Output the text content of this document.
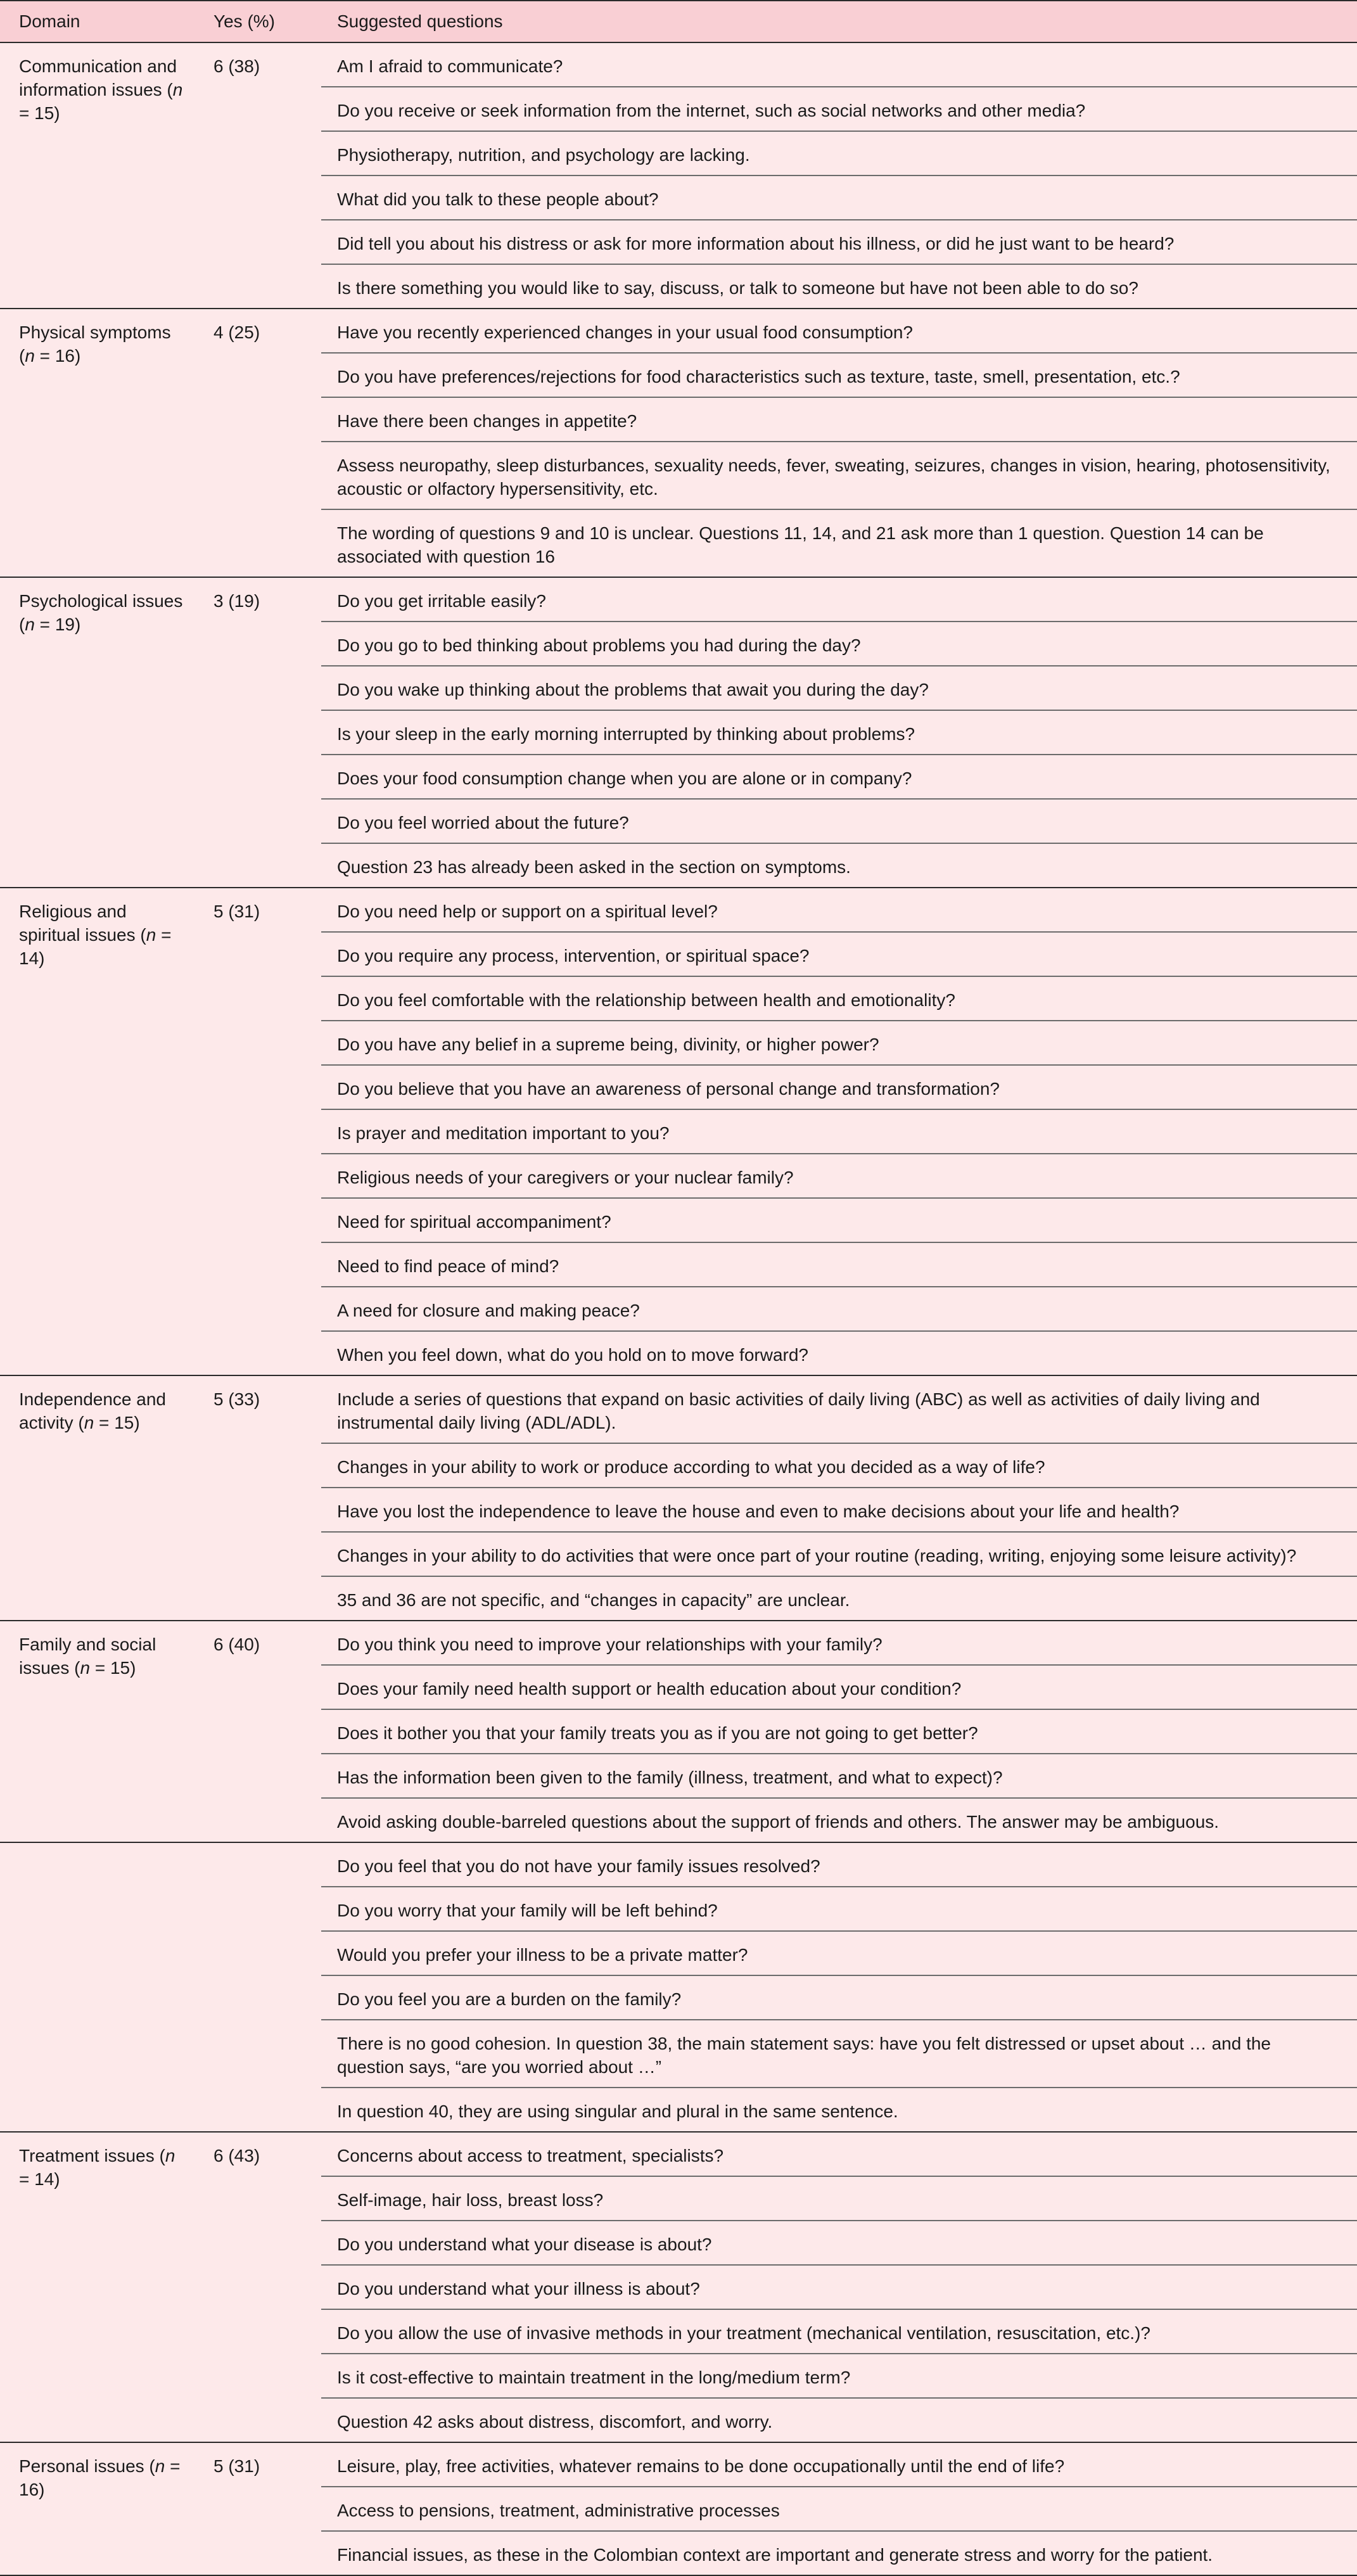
Domain	Yes (%)	Suggested questions
Communication and information issues (n = 15)	6 (38)	Am I afraid to communicate?
		Do you receive or seek information from the internet, such as social networks and other media?
		Physiotherapy, nutrition, and psychology are lacking.
		What did you talk to these people about?
		Did tell you about his distress or ask for more information about his illness, or did he just want to be heard?
		Is there something you would like to say, discuss, or talk to someone but have not been able to do so?
Physical symptoms (n = 16)	4 (25)	Have you recently experienced changes in your usual food consumption?
		Do you have preferences/rejections for food characteristics such as texture, taste, smell, presentation, etc.?
		Have there been changes in appetite?
		Assess neuropathy, sleep disturbances, sexuality needs, fever, sweating, seizures, changes in vision, hearing, photosensitivity, acoustic or olfactory hypersensitivity, etc.
		The wording of questions 9 and 10 is unclear. Questions 11, 14, and 21 ask more than 1 question. Question 14 can be associated with question 16
Psychological issues (n = 19)	3 (19)	Do you get irritable easily?
		Do you go to bed thinking about problems you had during the day?
		Do you wake up thinking about the problems that await you during the day?
		Is your sleep in the early morning interrupted by thinking about problems?
		Does your food consumption change when you are alone or in company?
		Do you feel worried about the future?
		Question 23 has already been asked in the section on symptoms.
Religious and spiritual issues (n = 14)	5 (31)	Do you need help or support on a spiritual level?
		Do you require any process, intervention, or spiritual space?
		Do you feel comfortable with the relationship between health and emotionality?
		Do you have any belief in a supreme being, divinity, or higher power?
		Do you believe that you have an awareness of personal change and transformation?
		Is prayer and meditation important to you?
		Religious needs of your caregivers or your nuclear family?
		Need for spiritual accompaniment?
		Need to find peace of mind?
		A need for closure and making peace?
		When you feel down, what do you hold on to move forward?
Independence and activity (n = 15)	5 (33)	Include a series of questions that expand on basic activities of daily living (ABC) as well as activities of daily living and instrumental daily living (ADL/ADL).
		Changes in your ability to work or produce according to what you decided as a way of life?
		Have you lost the independence to leave the house and even to make decisions about your life and health?
		Changes in your ability to do activities that were once part of your routine (reading, writing, enjoying some leisure activity)?
		35 and 36 are not specific, and “changes in capacity” are unclear.
Family and social issues (n = 15)	6 (40)	Do you think you need to improve your relationships with your family?
		Does your family need health support or health education about your condition?
		Does it bother you that your family treats you as if you are not going to get better?
		Has the information been given to the family (illness, treatment, and what to expect)?
		Avoid asking double-barreled questions about the support of friends and others. The answer may be ambiguous.
		Do you feel that you do not have your family issues resolved?
		Do you worry that your family will be left behind?
		Would you prefer your illness to be a private matter?
		Do you feel you are a burden on the family?
		There is no good cohesion. In question 38, the main statement says: have you felt distressed or upset about … and the question says, “are you worried about …”
		In question 40, they are using singular and plural in the same sentence.
Treatment issues (n = 14)	6 (43)	Concerns about access to treatment, specialists?
		Self-image, hair loss, breast loss?
		Do you understand what your disease is about?
		Do you understand what your illness is about?
		Do you allow the use of invasive methods in your treatment (mechanical ventilation, resuscitation, etc.)?
		Is it cost-effective to maintain treatment in the long/medium term?
		Question 42 asks about distress, discomfort, and worry.
Personal issues (n = 16)	5 (31)	Leisure, play, free activities, whatever remains to be done occupationally until the end of life?
		Access to pensions, treatment, administrative processes
		Financial issues, as these in the Colombian context are important and generate stress and worry for the patient.
